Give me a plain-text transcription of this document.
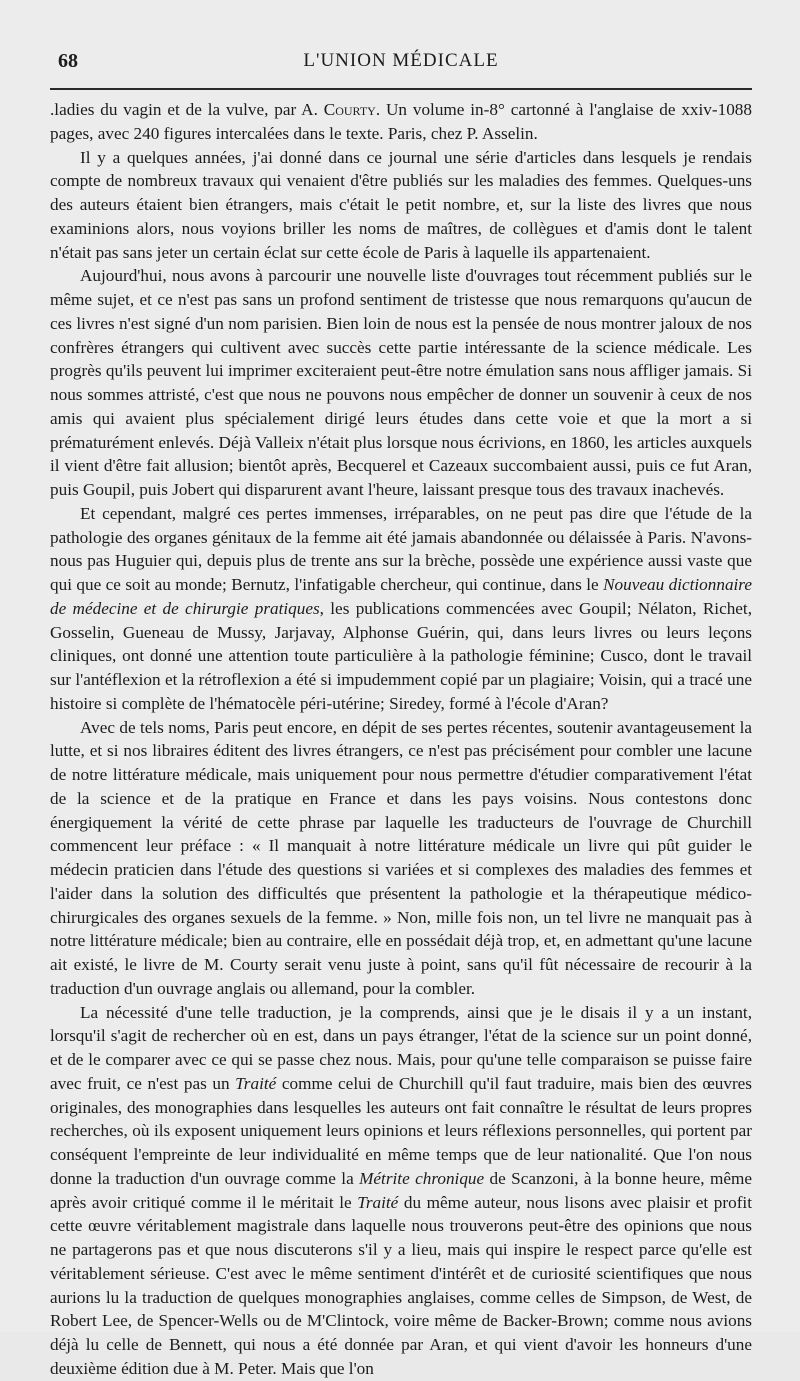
68	L'UNION MÉDICALE

.ladies du vagin et de la vulve, par A. Courty. Un volume in-8° cartonné à l'anglaise de xxiv-1088 pages, avec 240 figures intercalées dans le texte. Paris, chez P. Asselin.

Il y a quelques années, j'ai donné dans ce journal une série d'articles dans lesquels je rendais compte de nombreux travaux qui venaient d'être publiés sur les maladies des femmes. Quelques-uns des auteurs étaient bien étrangers, mais c'était le petit nombre, et, sur la liste des livres que nous examinions alors, nous voyions briller les noms de maîtres, de collègues et d'amis dont le talent n'était pas sans jeter un certain éclat sur cette école de Paris à laquelle ils appartenaient.

Aujourd'hui, nous avons à parcourir une nouvelle liste d'ouvrages tout récemment publiés sur le même sujet, et ce n'est pas sans un profond sentiment de tristesse que nous remarquons qu'aucun de ces livres n'est signé d'un nom parisien. Bien loin de nous est la pensée de nous montrer jaloux de nos confrères étrangers qui cultivent avec succès cette partie intéressante de la science médicale. Les progrès qu'ils peuvent lui imprimer exciteraient peut-être notre émulation sans nous affliger jamais. Si nous sommes attristé, c'est que nous ne pouvons nous empêcher de donner un souvenir à ceux de nos amis qui avaient plus spécialement dirigé leurs études dans cette voie et que la mort a si prématurément enlevés. Déjà Valleix n'était plus lorsque nous écrivions, en 1860, les articles auxquels il vient d'être fait allusion; bientôt après, Becquerel et Cazeaux succombaient aussi, puis ce fut Aran, puis Goupil, puis Jobert qui disparurent avant l'heure, laissant presque tous des travaux inachevés.

Et cependant, malgré ces pertes immenses, irréparables, on ne peut pas dire que l'étude de la pathologie des organes génitaux de la femme ait été jamais abandonnée ou délaissée à Paris. N'avons-nous pas Huguier qui, depuis plus de trente ans sur la brèche, possède une expérience aussi vaste que qui que ce soit au monde; Bernutz, l'infatigable chercheur, qui continue, dans le Nouveau dictionnaire de médecine et de chirurgie pratiques, les publications commencées avec Goupil; Nélaton, Richet, Gosselin, Gueneau de Mussy, Jarjavay, Alphonse Guérin, qui, dans leurs livres ou leurs leçons cliniques, ont donné une attention toute particulière à la pathologie féminine; Cusco, dont le travail sur l'antéflexion et la rétroflexion a été si impudemment copié par un plagiaire; Voisin, qui a tracé une histoire si complète de l'hématocèle péri-utérine; Siredey, formé à l'école d'Aran?

Avec de tels noms, Paris peut encore, en dépit de ses pertes récentes, soutenir avantageusement la lutte, et si nos libraires éditent des livres étrangers, ce n'est pas précisément pour combler une lacune de notre littérature médicale, mais uniquement pour nous permettre d'étudier comparativement l'état de la science et de la pratique en France et dans les pays voisins. Nous contestons donc énergiquement la vérité de cette phrase par laquelle les traducteurs de l'ouvrage de Churchill commencent leur préface : « Il manquait à notre littérature médicale un livre qui pût guider le médecin praticien dans l'étude des questions si variées et si complexes des maladies des femmes et l'aider dans la solution des difficultés que présentent la pathologie et la thérapeutique médico-chirurgicales des organes sexuels de la femme. » Non, mille fois non, un tel livre ne manquait pas à notre littérature médicale; bien au contraire, elle en possédait déjà trop, et, en admettant qu'une lacune ait existé, le livre de M. Courty serait venu juste à point, sans qu'il fût nécessaire de recourir à la traduction d'un ouvrage anglais ou allemand, pour la combler.

La nécessité d'une telle traduction, je la comprends, ainsi que je le disais il y a un instant, lorsqu'il s'agit de rechercher où en est, dans un pays étranger, l'état de la science sur un point donné, et de le comparer avec ce qui se passe chez nous. Mais, pour qu'une telle comparaison se puisse faire avec fruit, ce n'est pas un Traité comme celui de Churchill qu'il faut traduire, mais bien des œuvres originales, des monographies dans lesquelles les auteurs ont fait connaître le résultat de leurs propres recherches, où ils exposent uniquement leurs opinions et leurs réflexions personnelles, qui portent par conséquent l'empreinte de leur individualité en même temps que de leur nationalité. Que l'on nous donne la traduction d'un ouvrage comme la Métrite chronique de Scanzoni, à la bonne heure, même après avoir critiqué comme il le méritait le Traité du même auteur, nous lisons avec plaisir et profit cette œuvre véritablement magistrale dans laquelle nous trouverons peut-être des opinions que nous ne partagerons pas et que nous discuterons s'il y a lieu, mais qui inspire le respect parce qu'elle est véritablement sérieuse. C'est avec le même sentiment d'intérêt et de curiosité scientifiques que nous aurions lu la traduction de quelques monographies anglaises, comme celles de Simpson, de West, de Robert Lee, de Spencer-Wells ou de M'Clintock, voire même de Backer-Brown; comme nous avions déjà lu celle de Bennett, qui nous a été donnée par Aran, et qui vient d'avoir les honneurs d'une deuxième édition due à M. Peter. Mais que l'on
